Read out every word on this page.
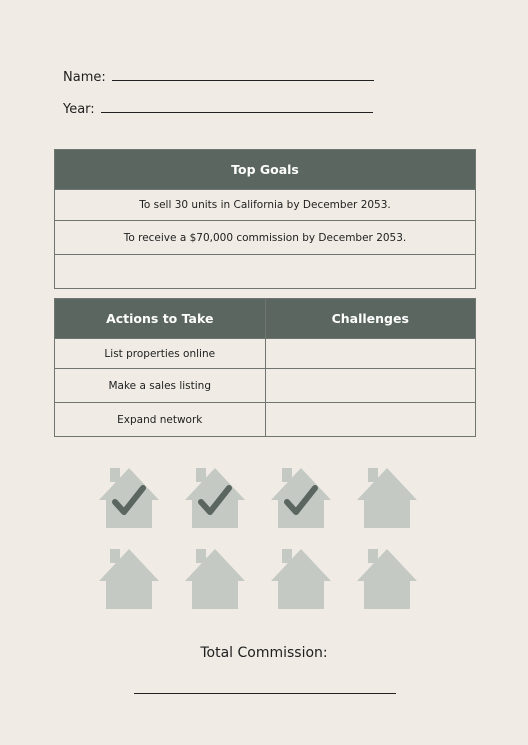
Name:
Year:
Top Goals
To sell 30 units in California by December 2053.
To receive a $70,000 commission by December 2053.

Actions to Take	Challenges
List properties online	
Make a sales listing	
Expand network	
Total Commission:
